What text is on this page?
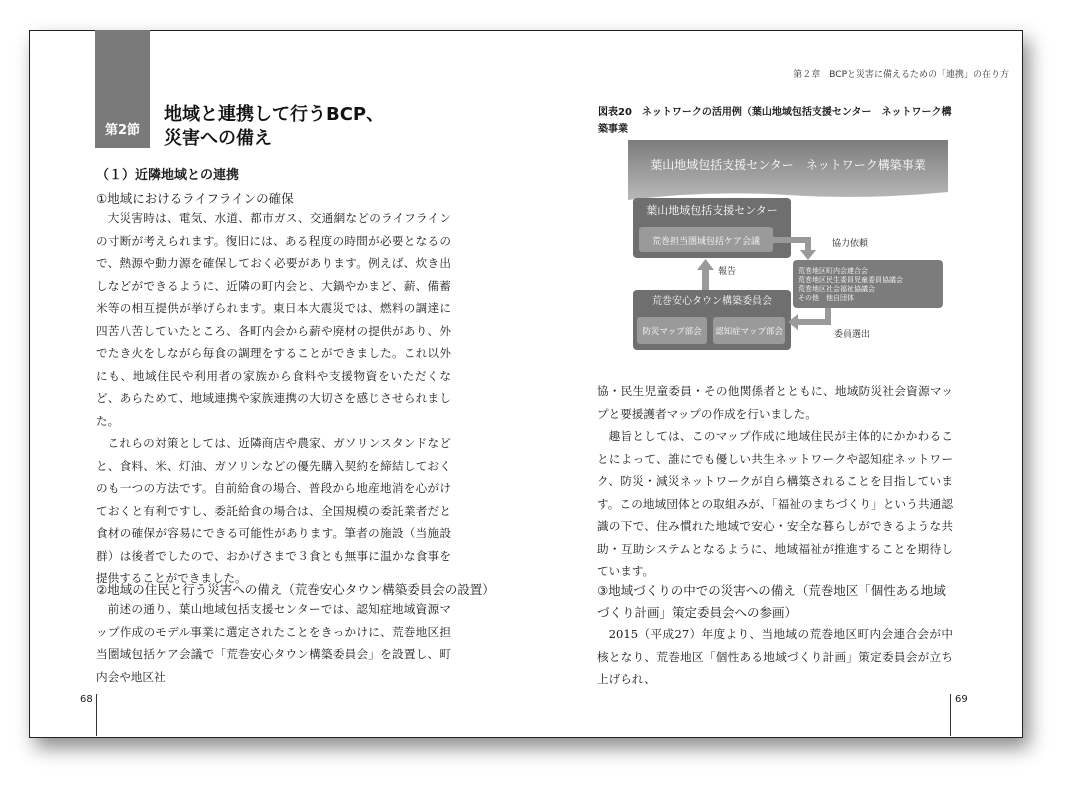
第2節
地域と連携して行うBCP、
災害への備え
（１）近隣地域との連携
①地域におけるライフラインの確保

大災害時は、電気、水道、都市ガス、交通網などのライフラインの寸断が考えられます。復旧には、ある程度の時間が必要となるので、熱源や動力源を確保しておく必要があります。例えば、炊き出しなどができるように、近隣の町内会と、大鍋やかまど、薪、備蓄米等の相互提供が挙げられます。東日本大震災では、燃料の調達に四苦八苦していたところ、各町内会から薪や廃材の提供があり、外でたき火をしながら毎食の調理をすることができました。これ以外にも、地域住民や利用者の家族から食料や支援物資をいただくなど、あらためて、地域連携や家族連携の大切さを感じさせられました。

これらの対策としては、近隣商店や農家、ガソリンスタンドなどと、食料、米、灯油、ガソリンなどの優先購入契約を締結しておくのも一つの方法です。自前給食の場合、普段から地産地消を心がけておくと有利ですし、委託給食の場合は、全国規模の委託業者だと食材の確保が容易にできる可能性があります。筆者の施設（当施設群）は後者でしたので、おかげさまで３食とも無事に温かな食事を提供することができました。

②地域の住民と行う災害への備え（荒巻安心タウン構築委員会の設置）

前述の通り、葉山地域包括支援センターでは、認知症地域資源マップ作成のモデル事業に選定されたことをきっかけに、荒巻地区担当圏域包括ケア会議で「荒巻安心タウン構築委員会」を設置し、町内会や地区社

68
第２章　BCPと災害に備えるための「連携」の在り方
図表20　ネットワークの活用例（葉山地域包括支援センター　ネットワーク構築事業
葉山地域包括支援センター　ネットワーク構築事業
葉山地域包括支援センター
荒巻担当圏域包括ケア会議	協力依頼
荒巻地区町内会連合会
荒巻地区民生委員児童委員協議会
荒巻地区社会福祉協議会
その他　他自団体
報告
荒巻安心タウン構築委員会
防災マップ部会 認知症マップ部会	委員選出

協・民生児童委員・その他関係者とともに、地域防災社会資源マップと要援護者マップの作成を行いました。

趣旨としては、このマップ作成に地域住民が主体的にかかわることによって、誰にでも優しい共生ネットワークや認知症ネットワーク、防災・減災ネットワークが自ら構築されることを目指しています。この地域団体との取組みが、「福祉のまちづくり」という共通認識の下で、住み慣れた地域で安心・安全な暮らしができるような共助・互助システムとなるように、地域福祉が推進することを期待しています。

③地域づくりの中での災害への備え（荒巻地区「個性ある地域づくり計画」策定委員会への参画）

2015（平成27）年度より、当地域の荒巻地区町内会連合会が中核となり、荒巻地区「個性ある地域づくり計画」策定委員会が立ち上げられ、

69
